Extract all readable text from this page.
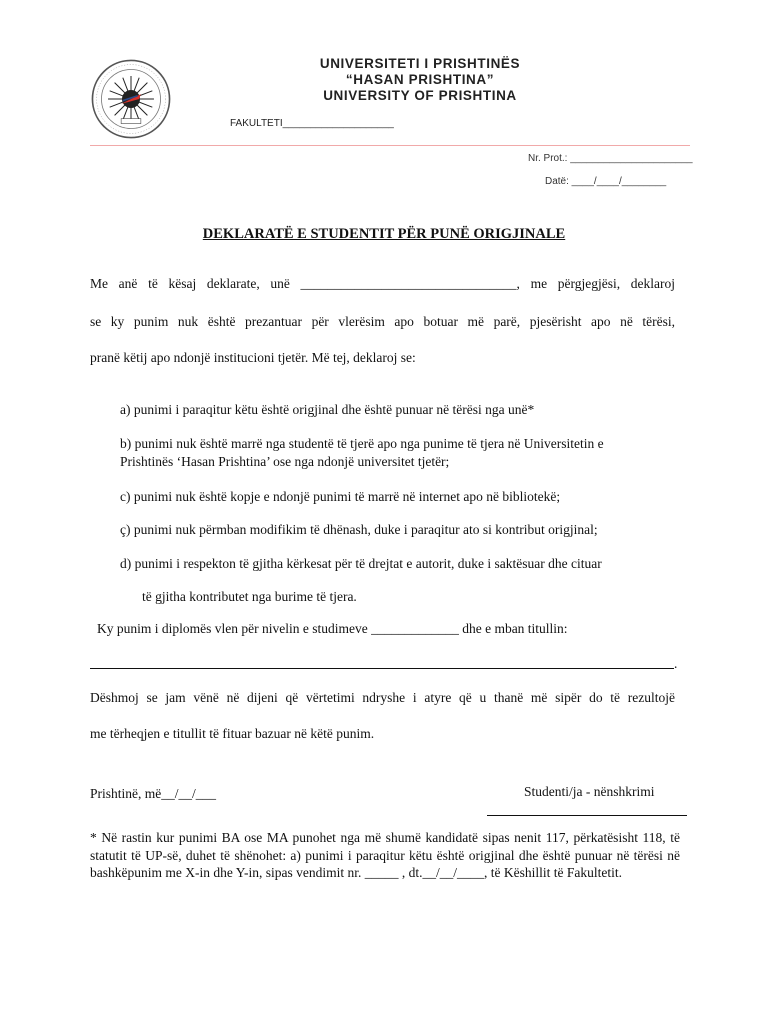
UNIVERSITETI I PRISHTINËS
“HASAN PRISHTINA”
UNIVERSITY OF PRISHTINA
FAKULTETI____________________
Nr. Prot.: ______________________
Datë: ____/____/________
DEKLARATË E STUDENTIT PËR PUNË ORIGJINALE
Me anë të kësaj deklarate, unë ________________________________, me përgjegjësi, deklaroj
se ky punim nuk është prezantuar për vlerësim apo botuar më parë, pjesërisht apo në tërësi,
pranë këtij apo ndonjë institucioni tjetër. Më tej, deklaroj se:
a) punimi i paraqitur këtu është origjinal dhe është punuar në tërësi nga unë*
b) punimi nuk është marrë nga studentë të tjerë apo nga punime të tjera në Universitetin e
Prishtinës ‘Hasan Prishtina’ ose nga ndonjë universitet tjetër;
c) punimi nuk është kopje e ndonjë punimi të marrë në internet apo në bibliotekë;
ç) punimi nuk përmban modifikim të dhënash, duke i paraqitur ato si kontribut origjinal;
d) punimi i respekton të gjitha kërkesat për të drejtat e autorit, duke i saktësuar dhe cituar
të gjitha kontributet nga burime të tjera.
Ky punim i diplomës vlen për nivelin e studimeve _____________ dhe e mban titullin:
.
Dëshmoj se jam vënë në dijeni që vërtetimi ndryshe i atyre që u thanë më sipër do të rezultojë
me tërheqjen e titullit të fituar bazuar në këtë punim.
Prishtinë, më__/__/___	Studenti/ja - nënshkrimi
* Në rastin kur punimi BA ose MA punohet nga më shumë kandidatë sipas nenit 117, përkatësisht 118, të statutit të UP-së, duhet të shënohet: a) punimi i paraqitur këtu është origjinal dhe është punuar në tërësi në bashkëpunim me X-in dhe Y-in, sipas vendimit nr. _____ , dt.__/__/____, të Këshillit të Fakultetit.
